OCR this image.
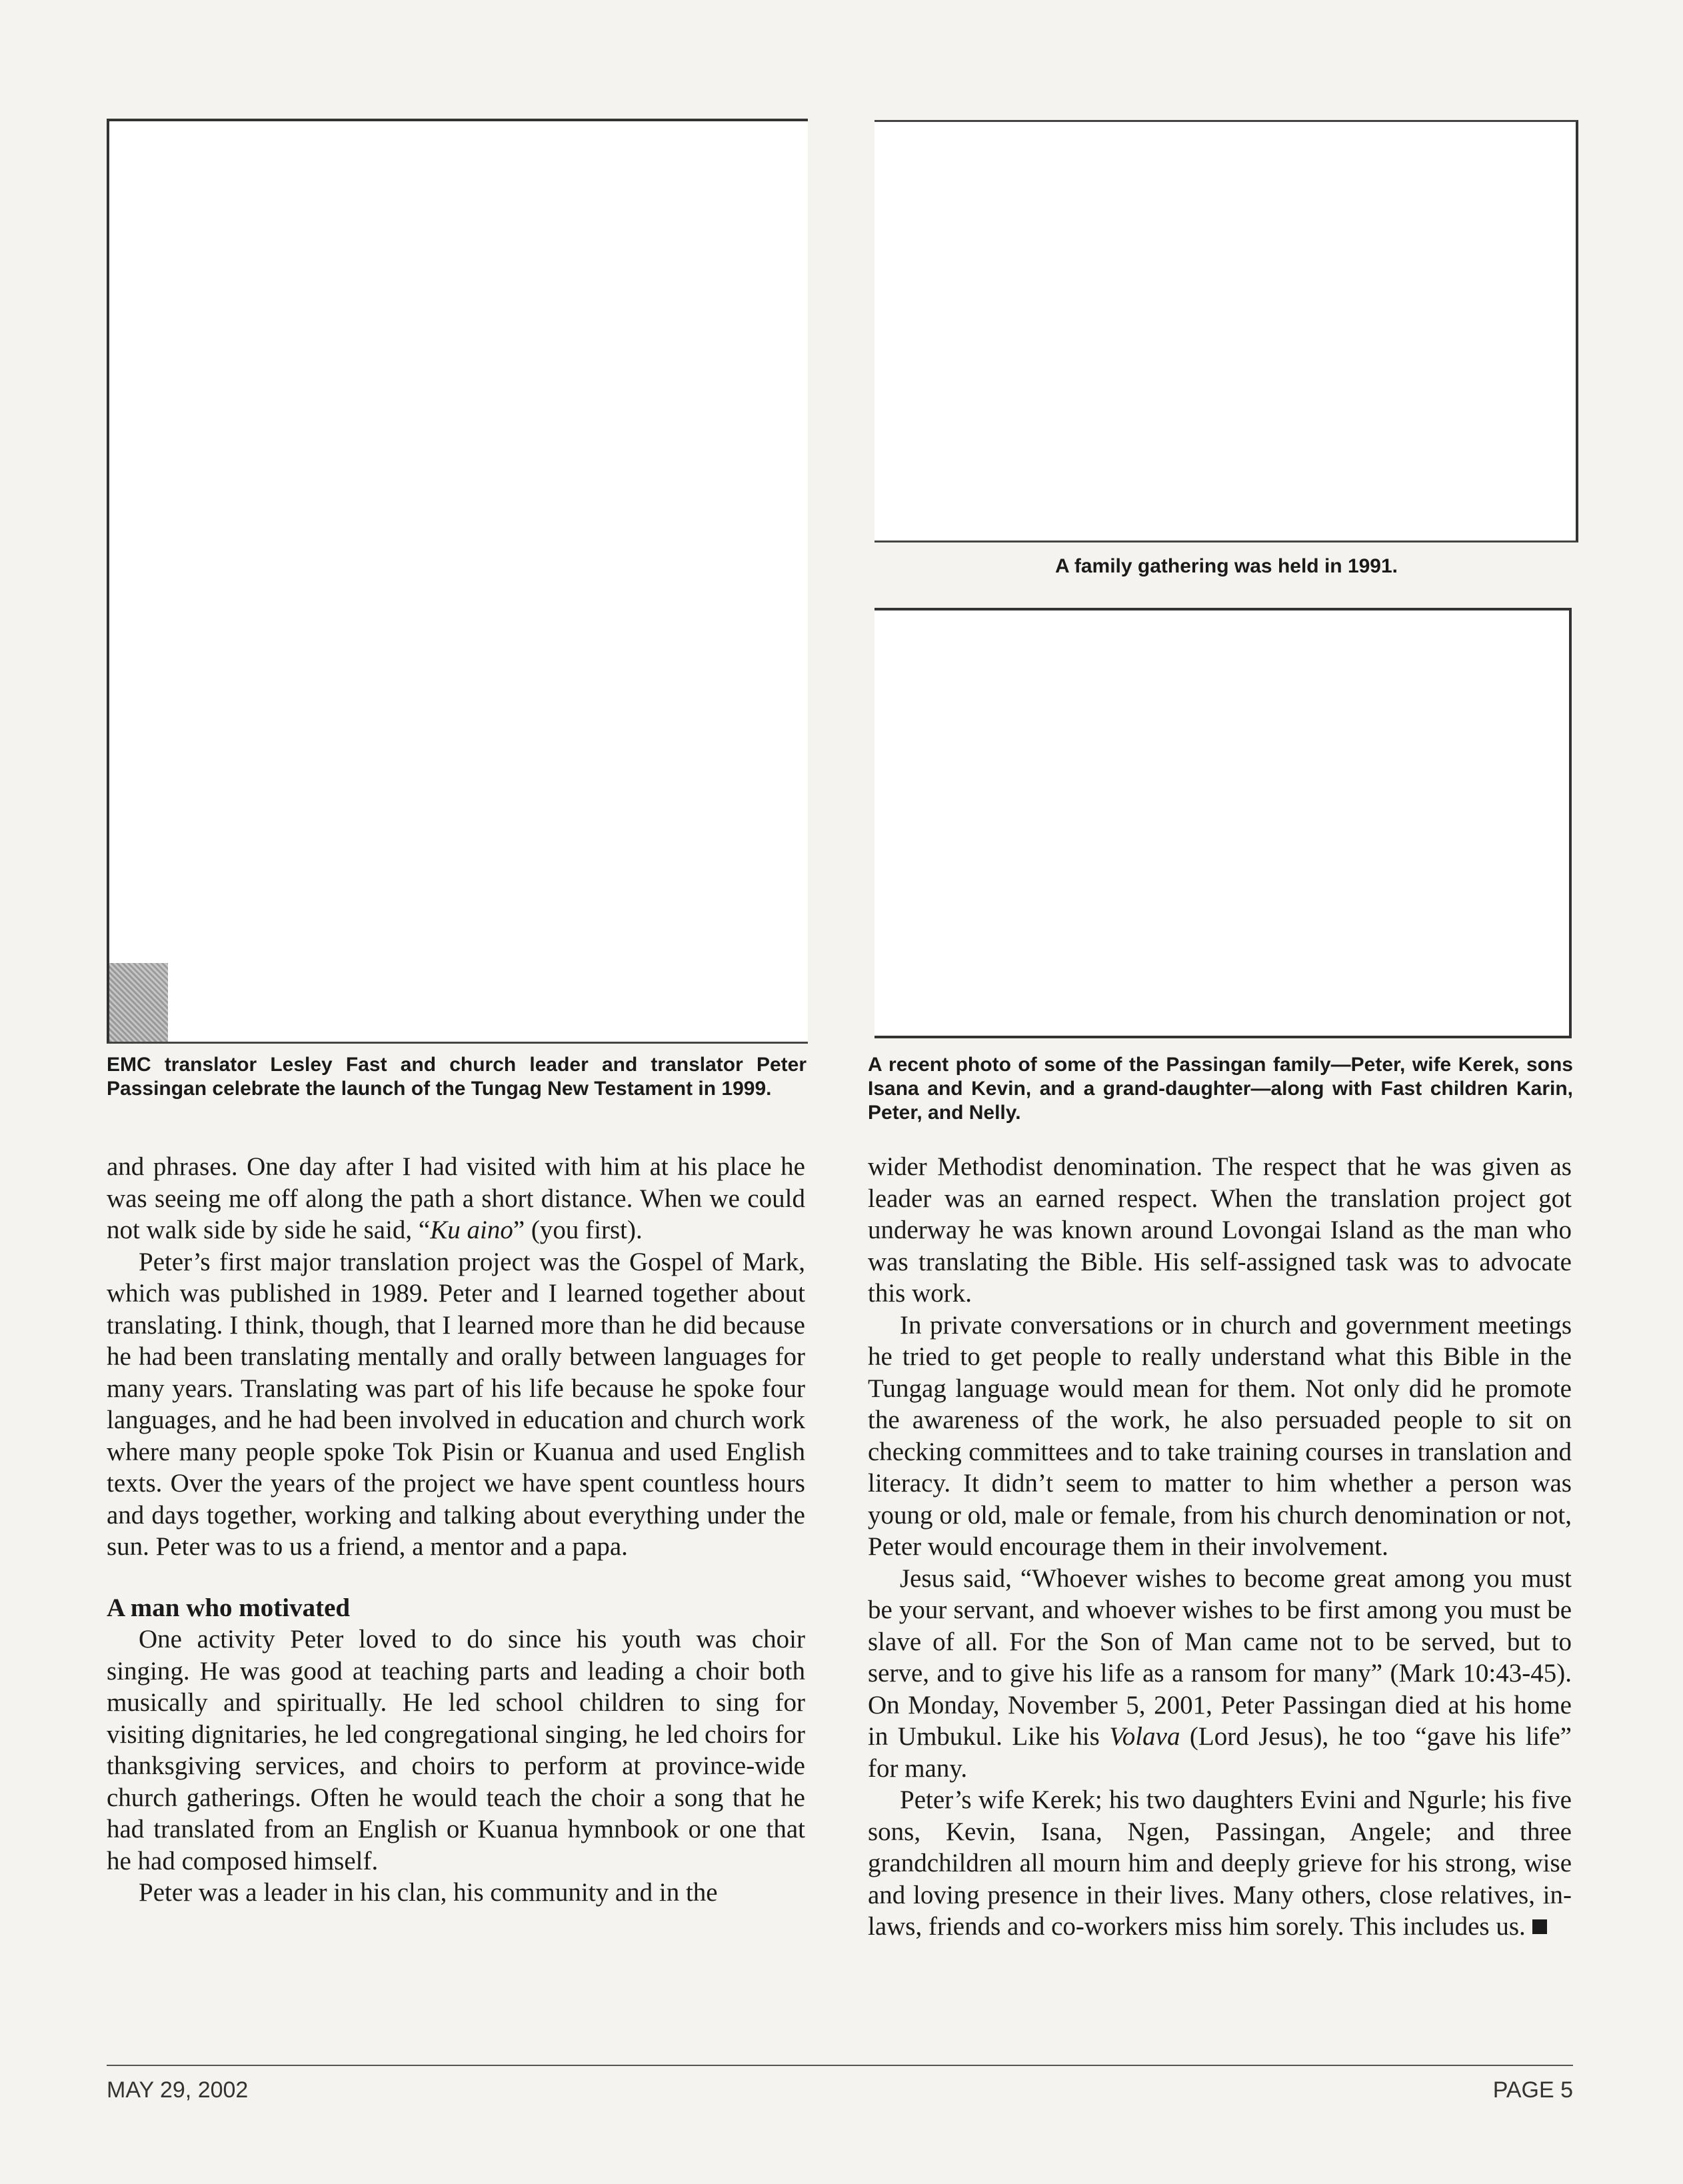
EMC translator Lesley Fast and church leader and translator Peter Passingan celebrate the launch of the Tungag New Testament in 1999.

A family gathering was held in 1991.

A recent photo of some of the Passingan family—Peter, wife Kerek, sons Isana and Kevin, and a grand-daughter—along with Fast children Karin, Peter, and Nelly.

and phrases. One day after I had visited with him at his place he was seeing me off along the path a short distance. When we could not walk side by side he said, “Ku aino” (you first).

Peter’s first major translation project was the Gospel of Mark, which was published in 1989. Peter and I learned together about translating. I think, though, that I learned more than he did because he had been translating mentally and orally between languages for many years. Translating was part of his life because he spoke four languages, and he had been involved in education and church work where many people spoke Tok Pisin or Kuanua and used English texts. Over the years of the project we have spent countless hours and days together, working and talking about everything under the sun. Peter was to us a friend, a mentor and a papa.

A man who motivated

One activity Peter loved to do since his youth was choir singing. He was good at teaching parts and leading a choir both musically and spiritually. He led school children to sing for visiting dignitaries, he led congregational singing, he led choirs for thanksgiving services, and choirs to perform at province-wide church gatherings. Often he would teach the choir a song that he had translated from an English or Kuanua hymnbook or one that he had composed himself.

Peter was a leader in his clan, his community and in the

wider Methodist denomination. The respect that he was given as leader was an earned respect. When the translation project got underway he was known around Lovongai Island as the man who was translating the Bible. His self-assigned task was to advocate this work.

In private conversations or in church and government meetings he tried to get people to really understand what this Bible in the Tungag language would mean for them. Not only did he promote the awareness of the work, he also persuaded people to sit on checking committees and to take training courses in translation and literacy. It didn’t seem to matter to him whether a person was young or old, male or female, from his church denomination or not, Peter would encourage them in their involvement.

Jesus said, “Whoever wishes to become great among you must be your servant, and whoever wishes to be first among you must be slave of all. For the Son of Man came not to be served, but to serve, and to give his life as a ransom for many” (Mark 10:43-45). On Monday, November 5, 2001, Peter Passingan died at his home in Umbukul. Like his Volava (Lord Jesus), he too “gave his life” for many.

Peter’s wife Kerek; his two daughters Evini and Ngurle; his five sons, Kevin, Isana, Ngen, Passingan, Angele; and three grandchildren all mourn him and deeply grieve for his strong, wise and loving presence in their lives. Many others, close relatives, in-laws, friends and co-workers miss him sorely. This includes us.

MAY 29, 2002	PAGE 5
